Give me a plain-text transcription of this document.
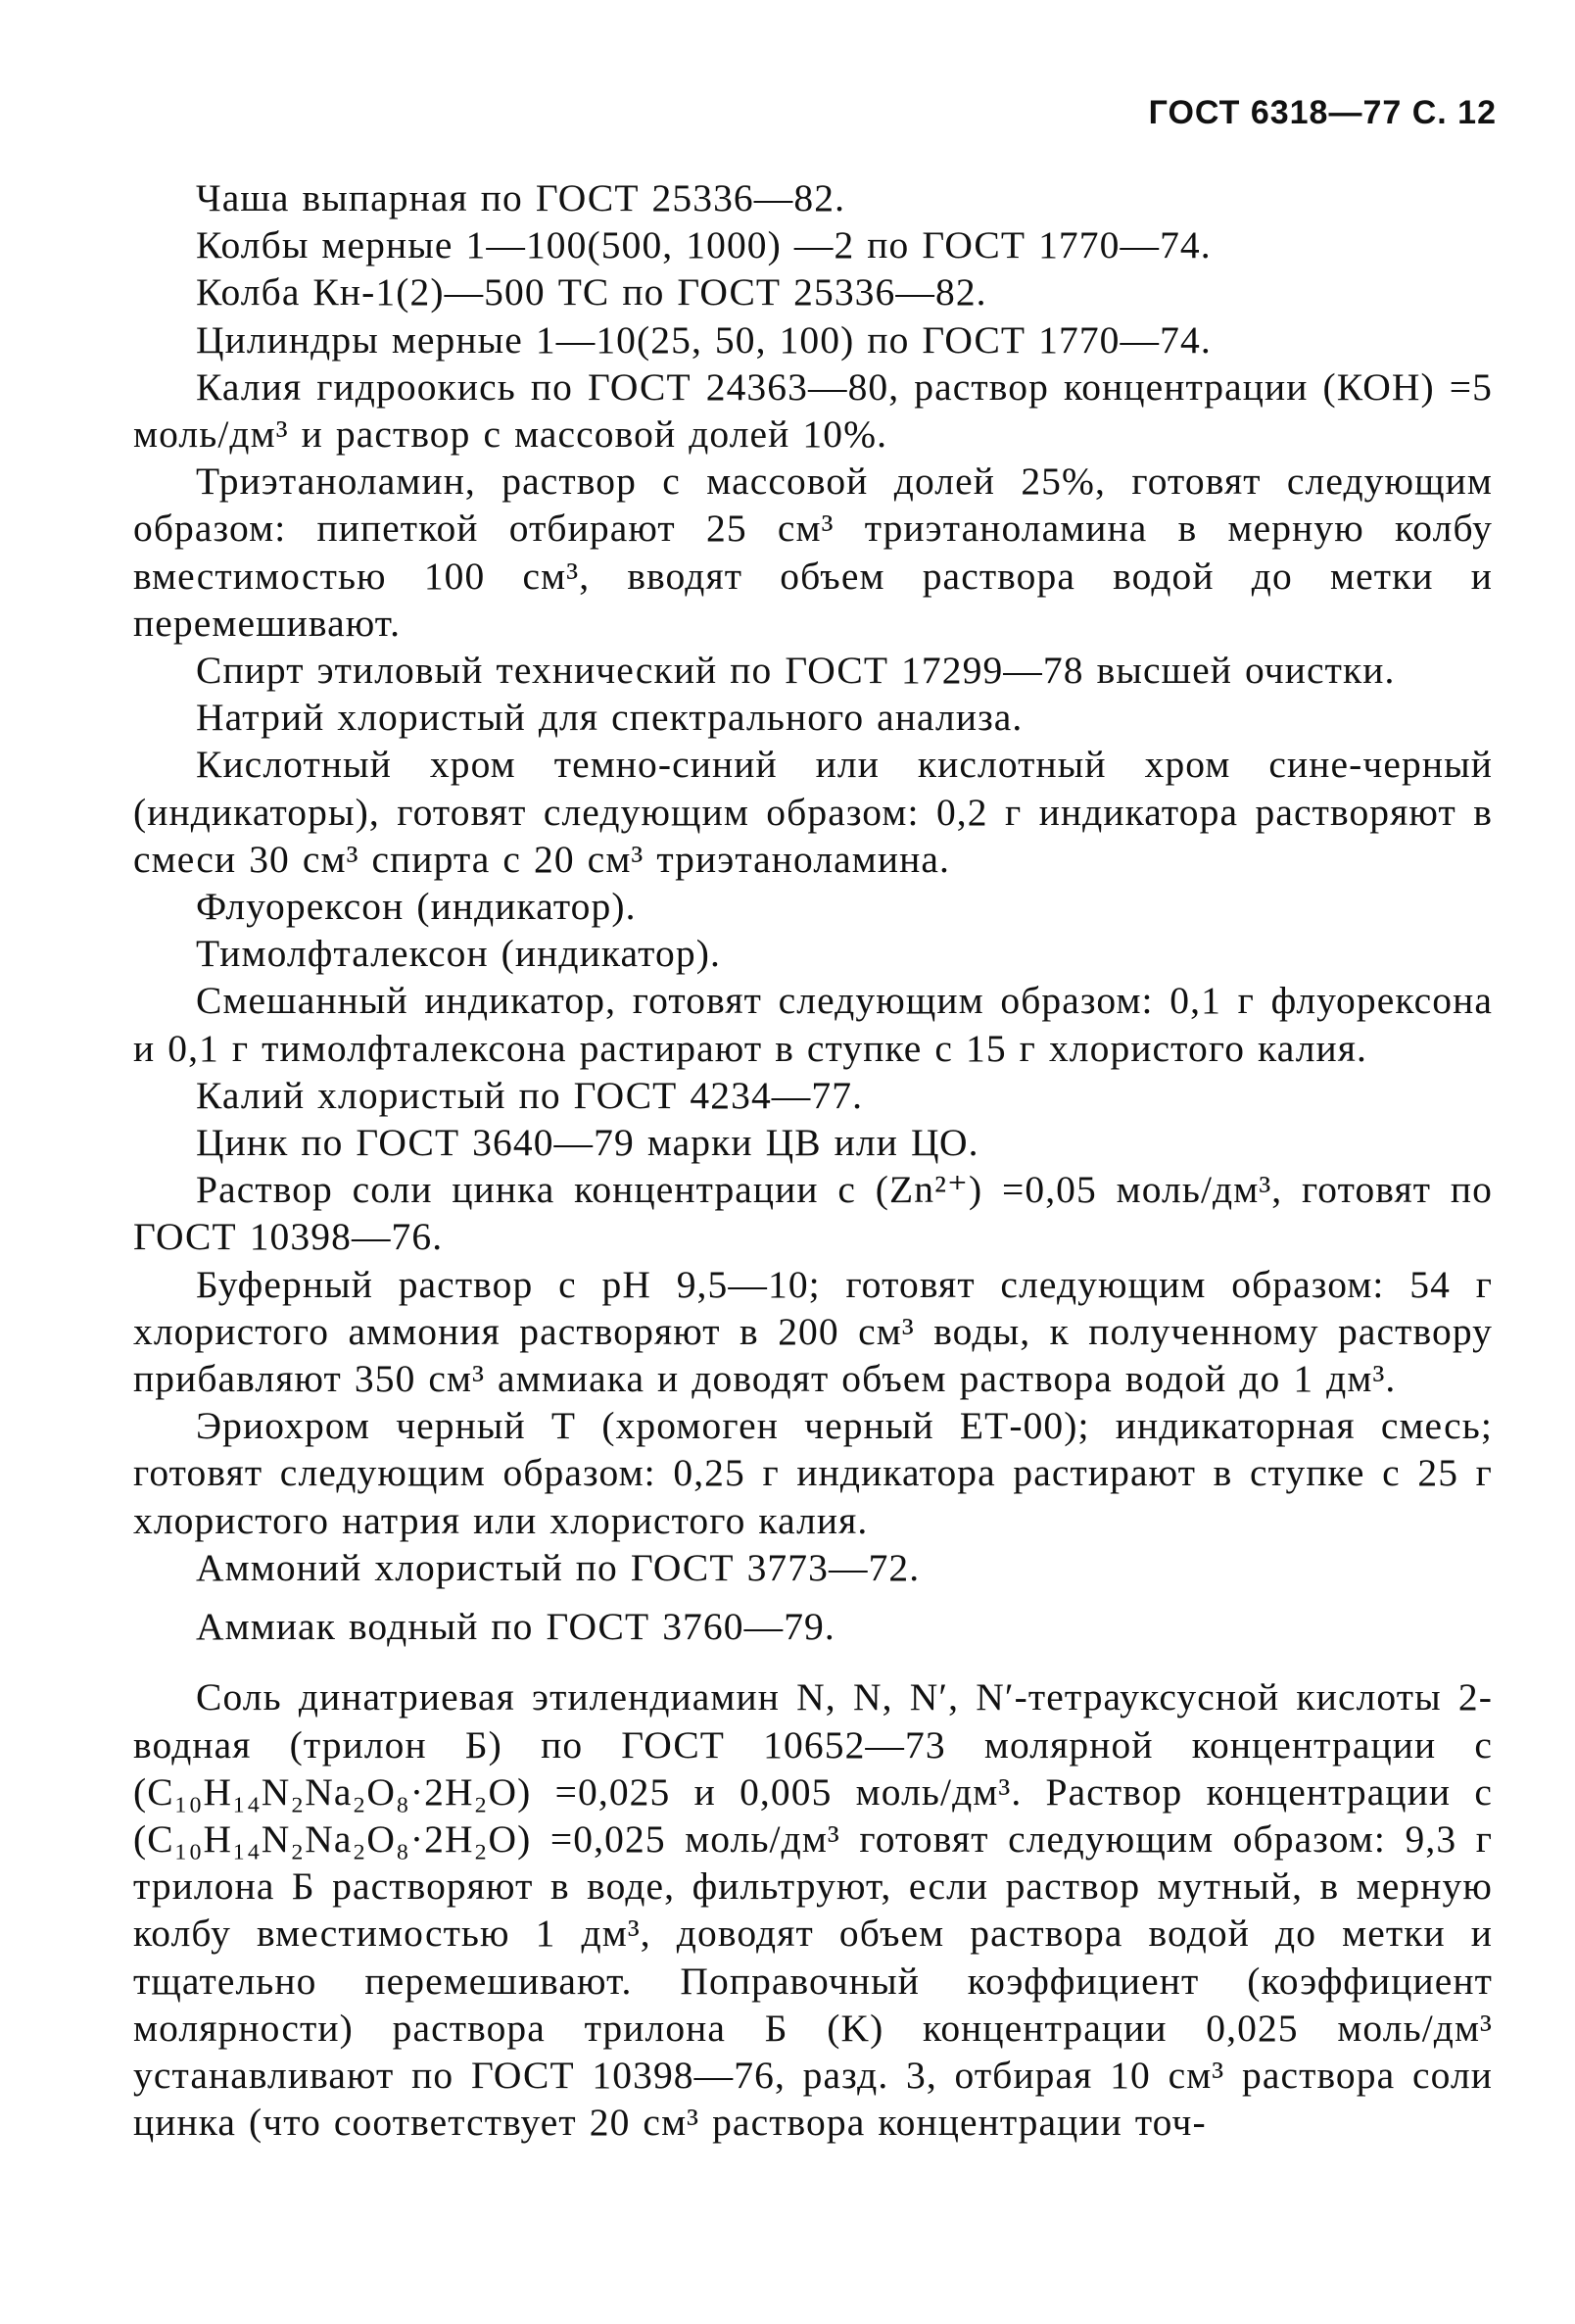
ГОСТ 6318—77 С. 12

Чаша выпарная по ГОСТ 25336—82.

Колбы мерные 1—100(500, 1000) —2 по ГОСТ 1770—74.

Колба Кн-1(2)—500 ТС по ГОСТ 25336—82.

Цилиндры мерные 1—10(25, 50, 100) по ГОСТ 1770—74.

Калия гидроокись по ГОСТ 24363—80, раствор концентрации (КОН) =5 моль/дм³ и раствор с массовой долей 10%.

Триэтаноламин, раствор с массовой долей 25%, готовят следующим образом: пипеткой отбирают 25 см³ триэтаноламина в мерную колбу вместимостью 100 см³, вводят объем раствора водой до метки и перемешивают.

Спирт этиловый технический по ГОСТ 17299—78 высшей очистки.

Натрий хлористый для спектрального анализа.

Кислотный хром темно-синий или кислотный хром сине-черный (индикаторы), готовят следующим образом: 0,2 г индикатора растворяют в смеси 30 см³ спирта с 20 см³ триэтаноламина.

Флуорексон (индикатор).

Тимолфталексон (индикатор).

Смешанный индикатор, готовят следующим образом: 0,1 г флуорексона и 0,1 г тимолфталексона растирают в ступке с 15 г хлористого калия.

Калий хлористый по ГОСТ 4234—77.

Цинк по ГОСТ 3640—79 марки ЦВ или ЦО.

Раствор соли цинка концентрации c (Zn²⁺) =0,05 моль/дм³, готовят по ГОСТ 10398—76.

Буферный раствор с pH 9,5—10; готовят следующим образом: 54 г хлористого аммония растворяют в 200 см³ воды, к полученному раствору прибавляют 350 см³ аммиака и доводят объем раствора водой до 1 дм³.

Эриохром черный Т (хромоген черный ЕТ-00); индикаторная смесь; готовят следующим образом: 0,25 г индикатора растирают в ступке с 25 г хлористого натрия или хлористого калия.

Аммоний хлористый по ГОСТ 3773—72.

Аммиак водный по ГОСТ 3760—79.

Соль динатриевая этилендиамин N, N, N′, N′-тетрауксусной кислоты 2-водная (трилон Б) по ГОСТ 10652—73 молярной концентрации c (C₁₀H₁₄N₂Na₂O₈·2H₂O) =0,025 и 0,005 моль/дм³. Раствор концентрации c (C₁₀H₁₄N₂Na₂O₈·2H₂O) =0,025 моль/дм³ готовят следующим образом: 9,3 г трилона Б растворяют в воде, фильтруют, если раствор мутный, в мерную колбу вместимостью 1 дм³, доводят объем раствора водой до метки и тщательно перемешивают. Поправочный коэффициент (коэффициент молярности) раствора трилона Б (K) концентрации 0,025 моль/дм³ устанавливают по ГОСТ 10398—76, разд. 3, отбирая 10 см³ раствора соли цинка (что соответствует 20 см³ раствора концентрации точ-
